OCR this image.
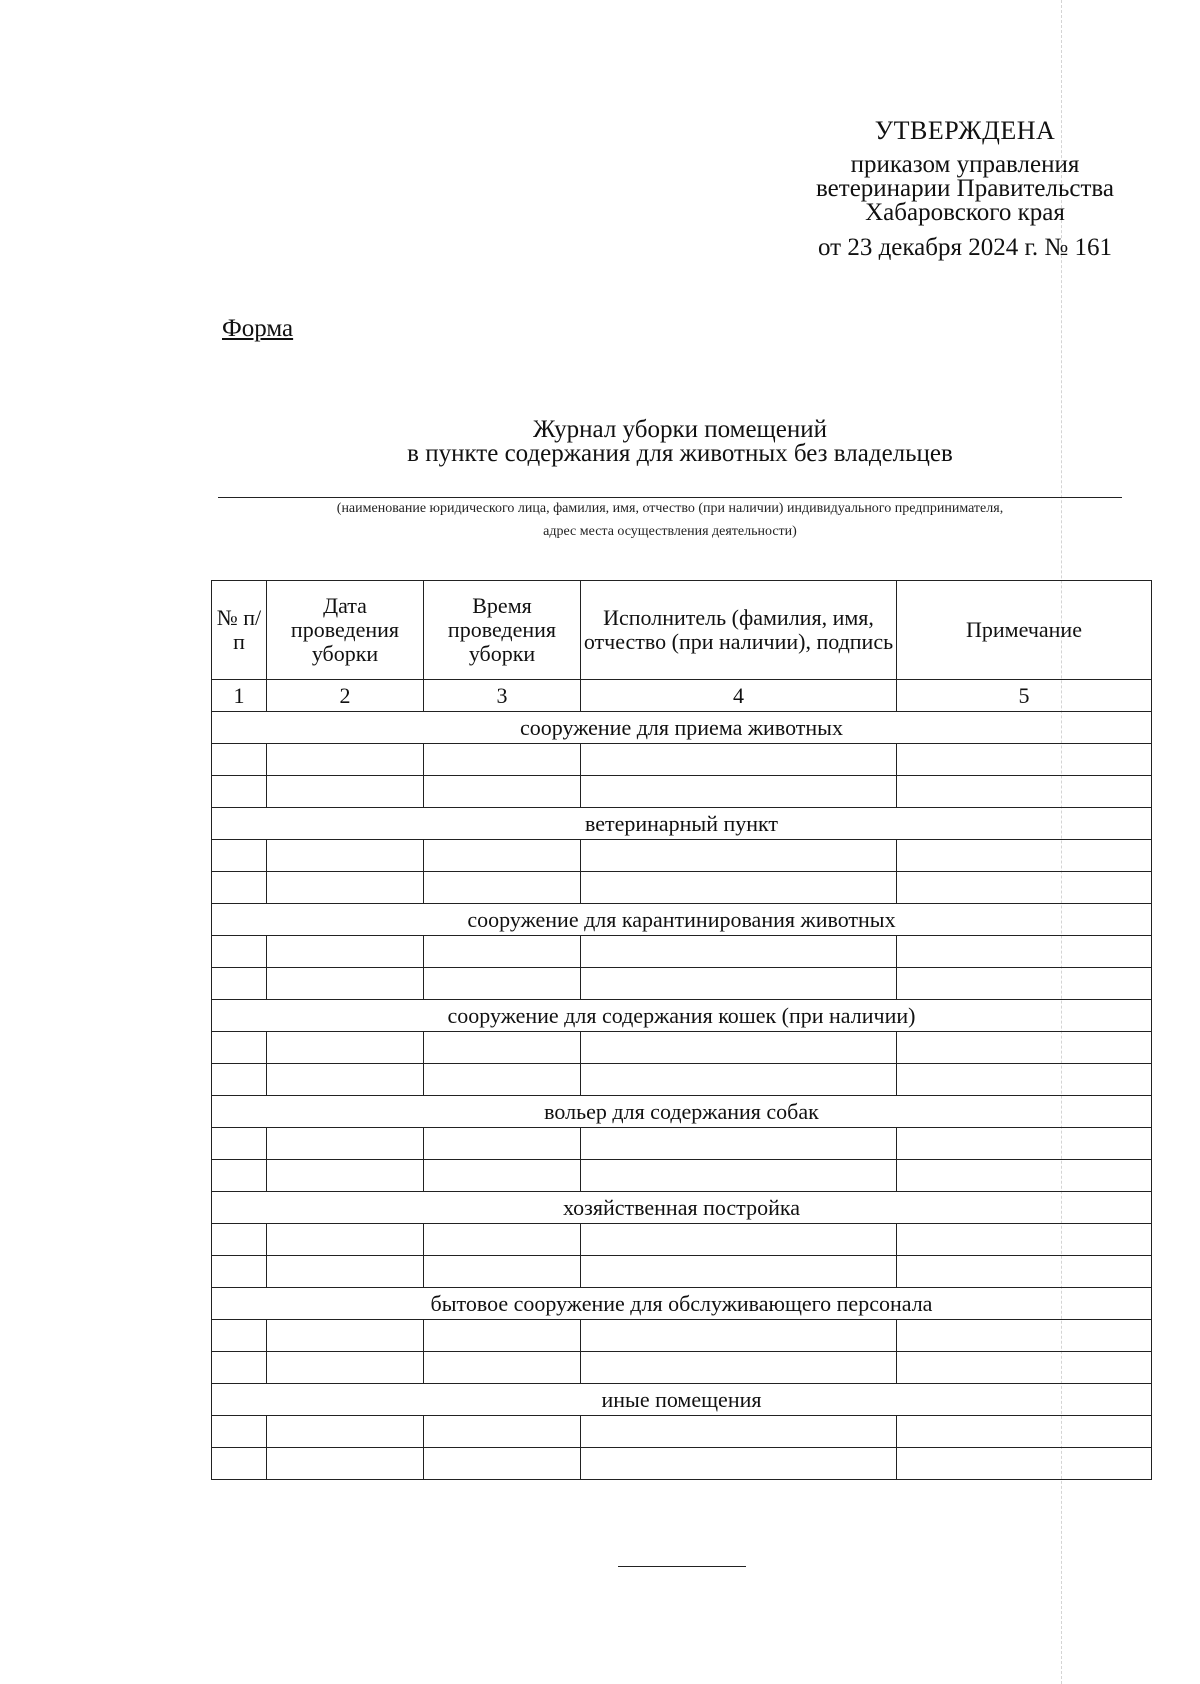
УТВЕРЖДЕНА
приказом управления
ветеринарии Правительства
Хабаровского края
от 23 декабря 2024 г. № 161
Форма
Журнал уборки помещений
в пункте содержания для животных без владельцев
(наименование юридического лица, фамилия, имя, отчество (при наличии) индивидуального предпринимателя,
адрес места осуществления деятельности)
№ п/п	Дата проведения уборки	Время проведения уборки	Исполнитель (фамилия, имя, отчество (при наличии), подпись	Примечание
1	2	3	4	5
сооружение для приема животных				

ветеринарный пункт				

сооружение для карантинирования животных				

сооружение для содержания кошек (при наличии)				

вольер для содержания собак				

хозяйственная постройка				

бытовое сооружение для обслуживающего персонала				

иные помещения				
